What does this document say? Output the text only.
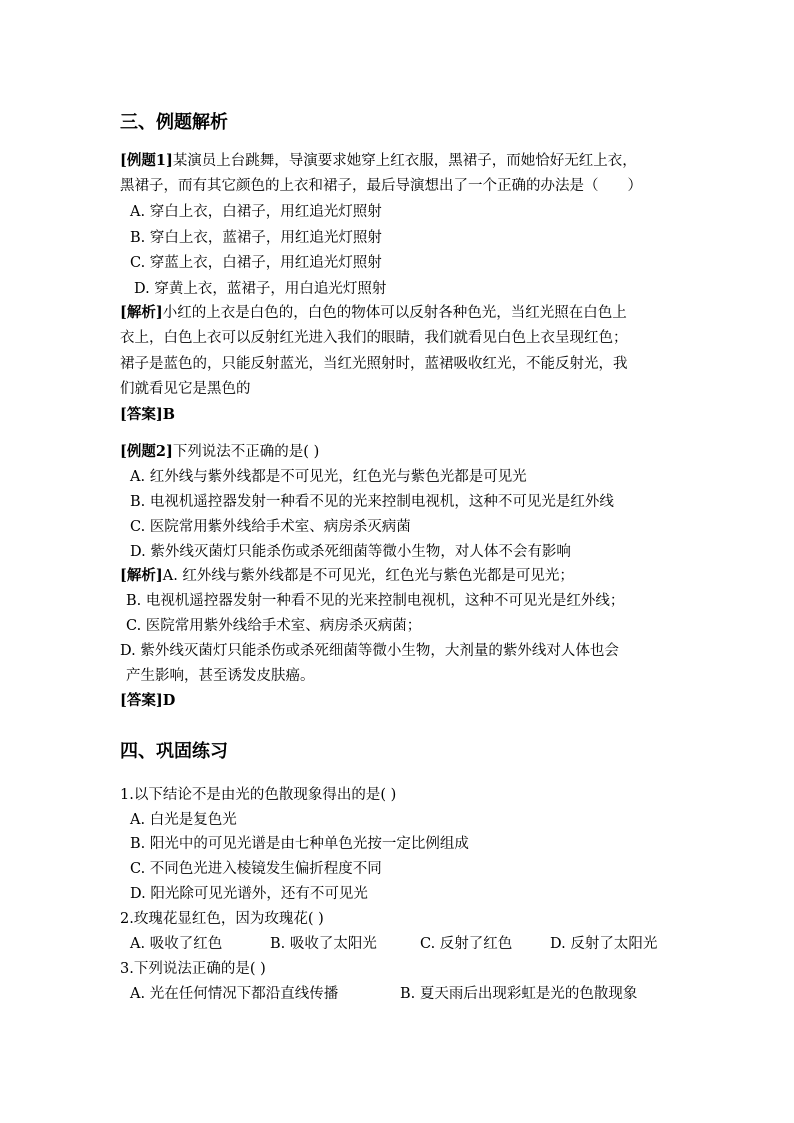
三、例题解析
[例题1]某演员上台跳舞，导演要求她穿上红衣服，黑裙子，而她恰好无红上衣，
黑裙子，而有其它颜色的上衣和裙子，最后导演想出了一个正确的办法是（　　）
A. 穿白上衣，白裙子，用红追光灯照射
B. 穿白上衣，蓝裙子，用红追光灯照射
C. 穿蓝上衣，白裙子，用红追光灯照射
D. 穿黄上衣，蓝裙子，用白追光灯照射
[解析]小红的上衣是白色的，白色的物体可以反射各种色光，当红光照在白色上
衣上，白色上衣可以反射红光进入我们的眼睛，我们就看见白色上衣呈现红色；
裙子是蓝色的，只能反射蓝光，当红光照射时，蓝裙吸收红光，不能反射光，我
们就看见它是黑色的
[答案]B
[例题2]下列说法不正确的是( )
A. 红外线与紫外线都是不可见光，红色光与紫色光都是可见光
B. 电视机遥控器发射一种看不见的光来控制电视机，这种不可见光是红外线
C. 医院常用紫外线给手术室、病房杀灭病菌
D. 紫外线灭菌灯只能杀伤或杀死细菌等微小生物，对人体不会有影响
[解析]A. 红外线与紫外线都是不可见光，红色光与紫色光都是可见光；
B. 电视机遥控器发射一种看不见的光来控制电视机，这种不可见光是红外线；
C. 医院常用紫外线给手术室、病房杀灭病菌；
D. 紫外线灭菌灯只能杀伤或杀死细菌等微小生物，大剂量的紫外线对人体也会
产生影响，甚至诱发皮肤癌。
[答案]D
四、巩固练习
1.以下结论不是由光的色散现象得出的是( )
A. 白光是复色光
B. 阳光中的可见光谱是由七种单色光按一定比例组成
C. 不同色光进入棱镜发生偏折程度不同
D. 阳光除可见光谱外，还有不可见光
2.玫瑰花显红色，因为玫瑰花( )
A. 吸收了红色	B. 吸收了太阳光	C. 反射了红色	D. 反射了太阳光
3.下列说法正确的是( )
A. 光在任何情况下都沿直线传播	B. 夏天雨后出现彩虹是光的色散现象
